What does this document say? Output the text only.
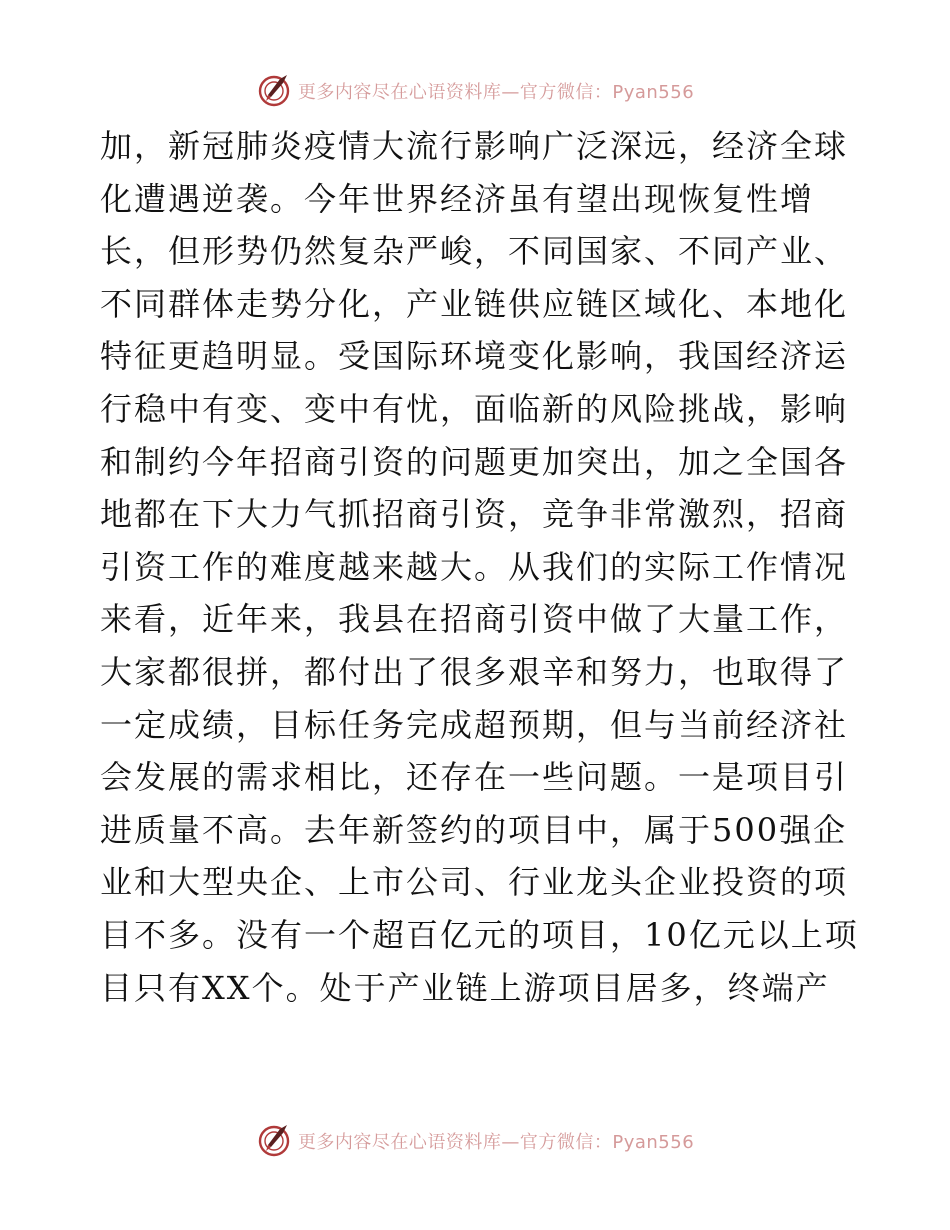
更多内容尽在心语资料库—官方微信：Pyan556
加，新冠肺炎疫情大流行影响广泛深远，经济全球
化遭遇逆袭。今年世界经济虽有望出现恢复性增
长，但形势仍然复杂严峻，不同国家、不同产业、
不同群体走势分化，产业链供应链区域化、本地化
特征更趋明显。受国际环境变化影响，我国经济运
行稳中有变、变中有忧，面临新的风险挑战，影响
和制约今年招商引资的问题更加突出，加之全国各
地都在下大力气抓招商引资，竞争非常激烈，招商
引资工作的难度越来越大。从我们的实际工作情况
来看，近年来，我县在招商引资中做了大量工作，
大家都很拼，都付出了很多艰辛和努力，也取得了
一定成绩，目标任务完成超预期，但与当前经济社
会发展的需求相比，还存在一些问题。一是项目引
进质量不高。去年新签约的项目中，属于500强企
业和大型央企、上市公司、行业龙头企业投资的项
目不多。没有一个超百亿元的项目，10亿元以上项
目只有XX个。处于产业链上游项目居多，终端产
更多内容尽在心语资料库—官方微信：Pyan556
